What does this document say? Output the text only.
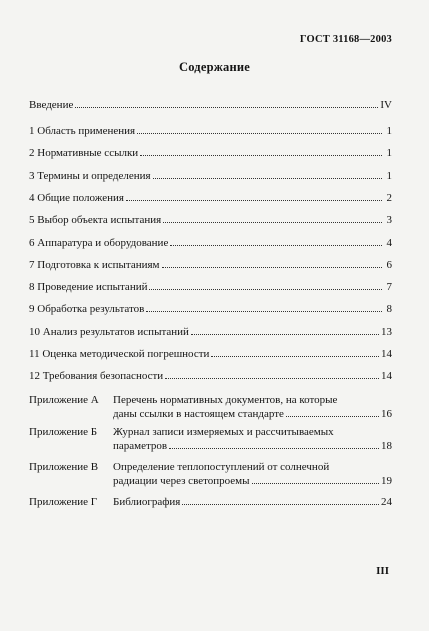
ГОСТ 31168—2003
Содержание
Введение	IV
1 Область применения	1
2 Нормативные ссылки	1
3 Термины и определения	1
4 Общие положения	2
5 Выбор объекта испытания	3
6 Аппаратура и оборудование	4
7 Подготовка к испытаниям	6
8 Проведение испытаний	7
9 Обработка результатов	8
10 Анализ результатов испытаний	13
11 Оценка методической погрешности	14
12 Требования безопасности	14
Приложение А Перечень нормативных документов, на которые
даны ссылки в настоящем стандарте	16
Приложение Б Журнал записи измеряемых и рассчитываемых
параметров	18
Приложение В Определение теплопоступлений от солнечной
радиации через светопроемы	19
Приложение Г Библиография	24
III
